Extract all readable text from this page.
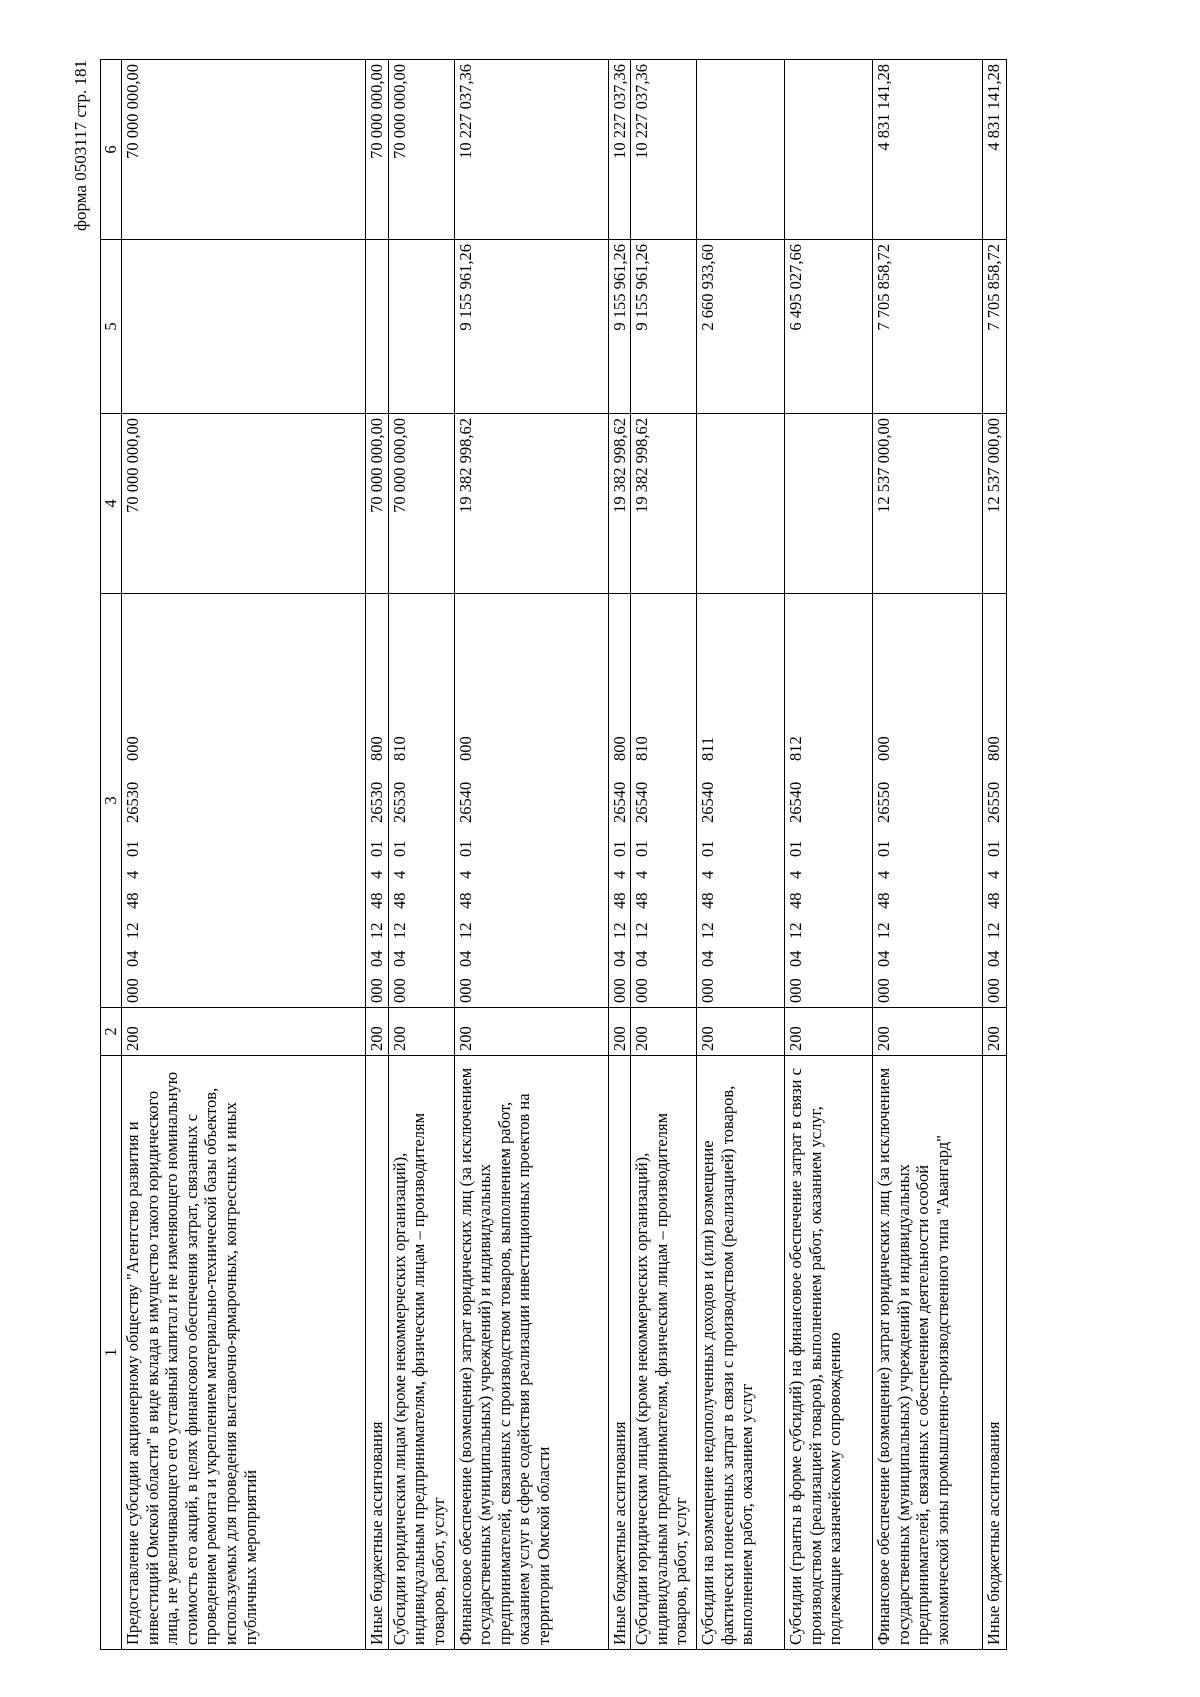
форма 0503117 стр. 181
1	2	3	4	5	6
Предоставление субсидии акционерному обществу "Агентство развития и инвестиций Омской области" в виде вклада в имущество такого юридического лица, не увеличивающего его уставный капитал и не изменяющего номинальную стоимость его акций, в целях финансового обеспечения затрат, связанных с проведением ремонта и укреплением материально-технической базы объектов, используемых для проведения выставочно-ярмарочных, конгрессных и иных публичных мероприятий	200	00004124840126530000	70 000 000,00		70 000 000,00
Иные бюджетные ассигнования	200	00004124840126530800	70 000 000,00		70 000 000,00
Субсидии юридическим лицам (кроме некоммерческих организаций), индивидуальным предпринимателям, физическим лицам – производителям товаров, работ, услуг	200	00004124840126530810	70 000 000,00		70 000 000,00
Финансовое обеспечение (возмещение) затрат юридических лиц (за исключением государственных (муниципальных) учреждений) и индивидуальных предпринимателей, связанных с производством товаров, выполнением работ, оказанием услуг в сфере содействия реализации инвестиционных проектов на территории Омской области	200	00004124840126540000	19 382 998,62	9 155 961,26	10 227 037,36
Иные бюджетные ассигнования	200	00004124840126540800	19 382 998,62	9 155 961,26	10 227 037,36
Субсидии юридическим лицам (кроме некоммерческих организаций), индивидуальным предпринимателям, физическим лицам – производителям товаров, работ, услуг	200	00004124840126540810	19 382 998,62	9 155 961,26	10 227 037,36
Субсидии на возмещение недополученных доходов и (или) возмещение фактически понесенных затрат в связи с производством (реализацией) товаров, выполнением работ, оказанием услуг	200	00004124840126540811		2 660 933,60	
Субсидии (гранты в форме субсидий) на финансовое обеспечение затрат в связи с производством (реализацией товаров), выполнением работ, оказанием услуг, подлежащие казначейскому сопровождению	200	00004124840126540812		6 495 027,66	
Финансовое обеспечение (возмещение) затрат юридических лиц (за исключением государственных (муниципальных) учреждений) и индивидуальных предпринимателей, связанных с обеспечением деятельности особой экономической зоны промышленно-производственного типа "Авангард"	200	00004124840126550000	12 537 000,00	7 705 858,72	4 831 141,28
Иные бюджетные ассигнования	200	00004124840126550800	12 537 000,00	7 705 858,72	4 831 141,28
